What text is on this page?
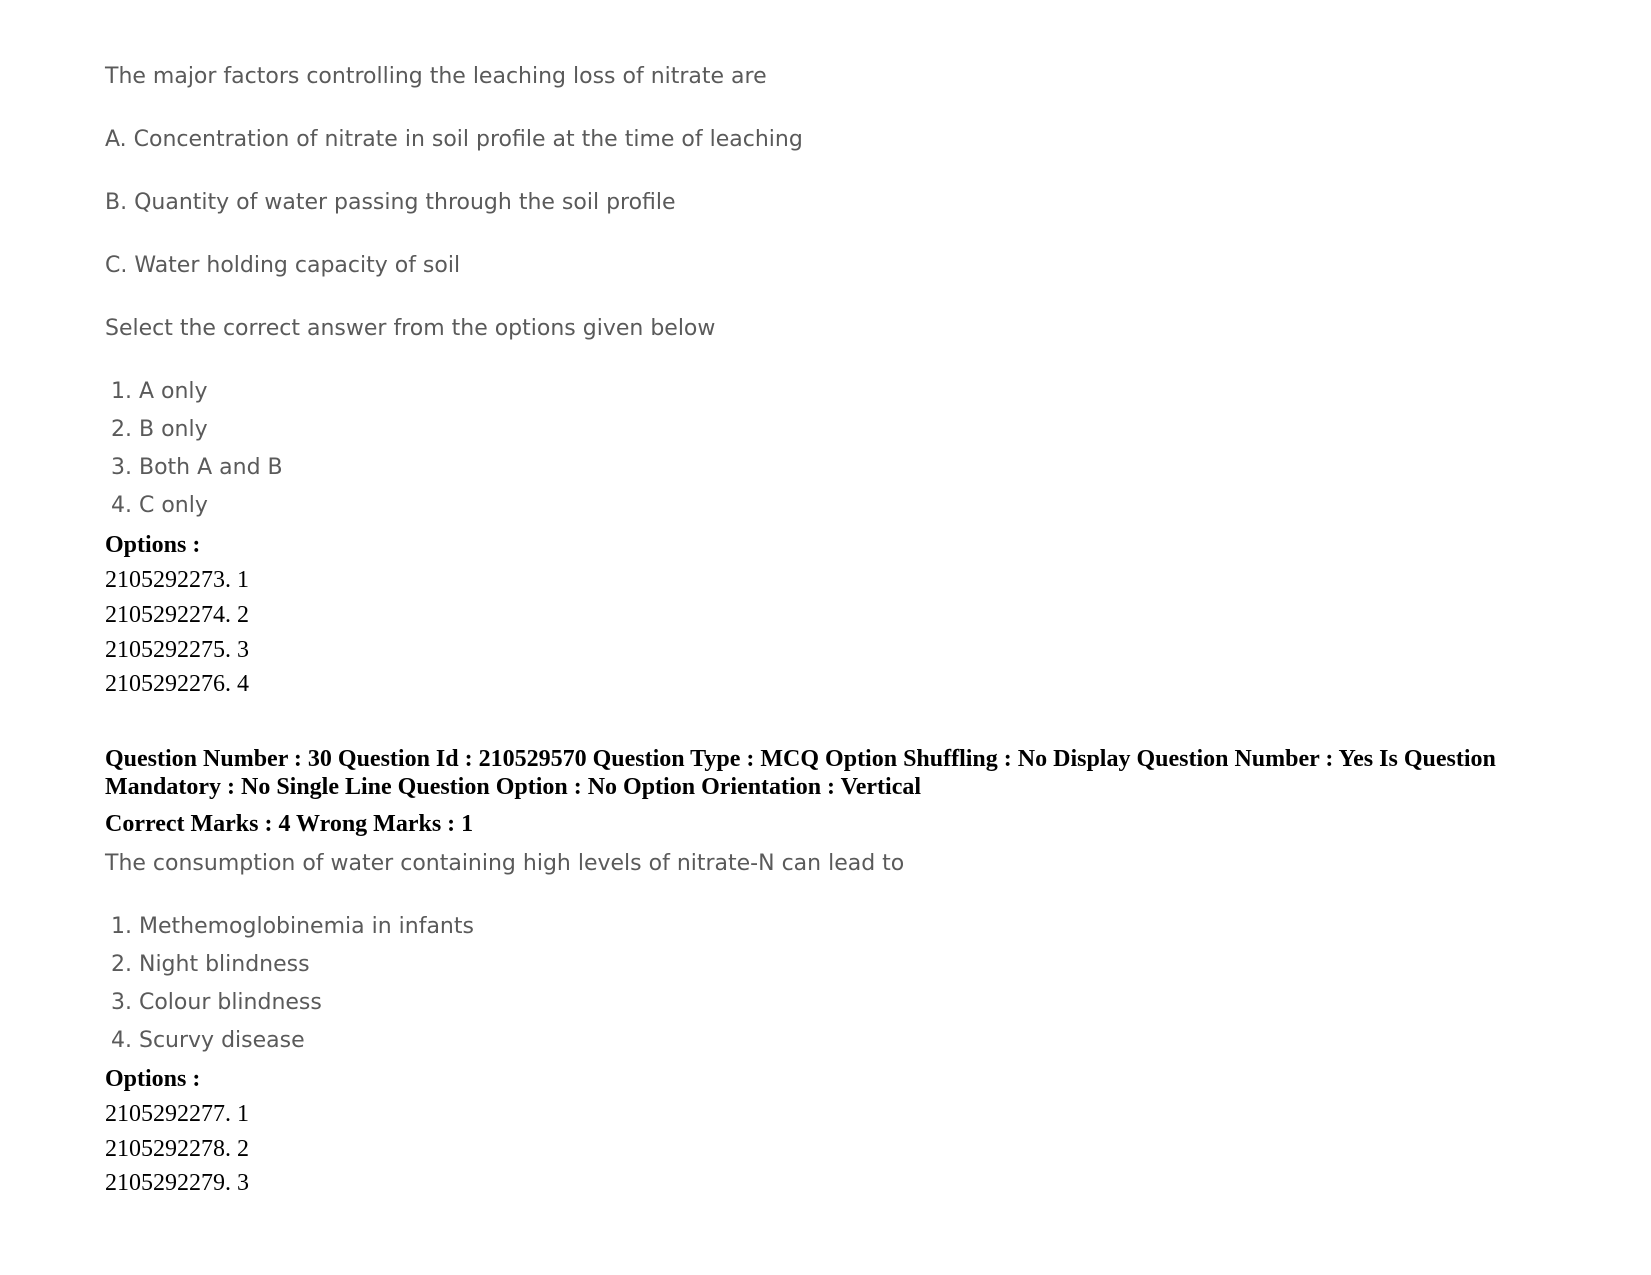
The major factors controlling the leaching loss of nitrate are

A. Concentration of nitrate in soil profile at the time of leaching

B. Quantity of water passing through the soil profile

C. Water holding capacity of soil

Select the correct answer from the options given below

1. A only

2. B only

3. Both A and B

4. C only

Options :

2105292273. 1

2105292274. 2

2105292275. 3

2105292276. 4

Question Number : 30 Question Id : 210529570 Question Type : MCQ Option Shuffling : No Display Question Number : Yes Is Question Mandatory : No Single Line Question Option : No Option Orientation : Vertical

Correct Marks : 4 Wrong Marks : 1

The consumption of water containing high levels of nitrate-N can lead to

1. Methemoglobinemia in infants

2. Night blindness

3. Colour blindness

4. Scurvy disease

Options :

2105292277. 1

2105292278. 2

2105292279. 3
